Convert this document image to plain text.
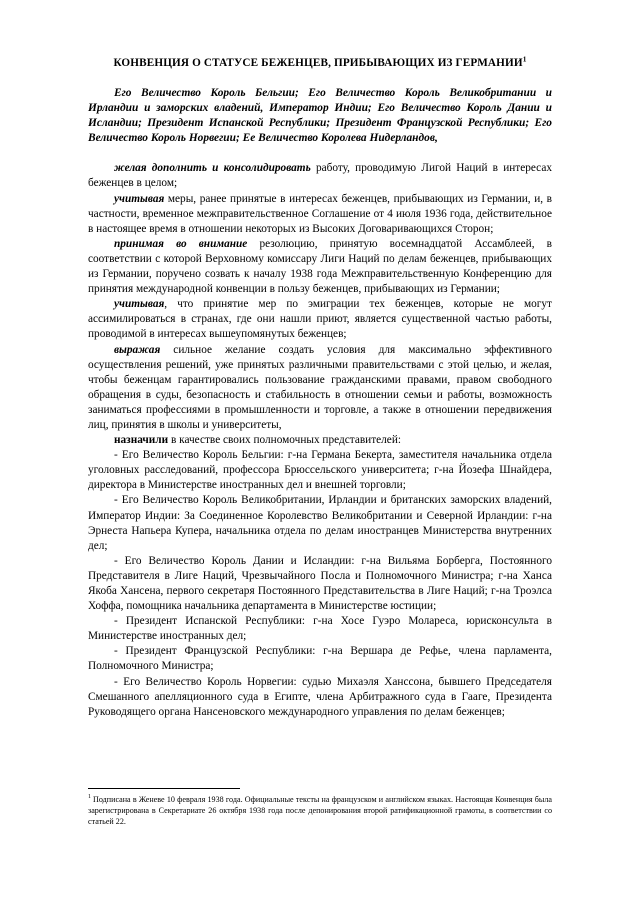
КОНВЕНЦИЯ О СТАТУСЕ БЕЖЕНЦЕВ, ПРИБЫВАЮЩИХ ИЗ ГЕРМАНИИ$^1$

Его Величество Король Бельгии; Его Величество Король Великобритании и Ирландии и заморских владений, Император Индии; Его Величество Король Дании и Исландии; Президент Испанской Республики; Президент Французской Республики; Его Величество Король Норвегии; Ее Величество Королева Нидерландов,

желая дополнить и консолидировать работу, проводимую Лигой Наций в интересах беженцев в целом;

учитывая меры, ранее принятые в интересах беженцев, прибывающих из Германии, и, в частности, временное межправительственное Соглашение от 4 июля 1936 года, действительное в настоящее время в отношении некоторых из Высоких Договаривающихся Сторон;

принимая во внимание резолюцию, принятую восемнадцатой Ассамблеей, в соответствии с которой Верховному комиссару Лиги Наций по делам беженцев, прибывающих из Германии, поручено созвать к началу 1938 года Межправительственную Конференцию для принятия международной конвенции в пользу беженцев, прибывающих из Германии;

учитывая, что принятие мер по эмиграции тех беженцев, которые не могут ассимилироваться в странах, где они нашли приют, является существенной частью работы, проводимой в интересах вышеупомянутых беженцев;

выражая сильное желание создать условия для максимально эффективного осуществления решений, уже принятых различными правительствами с этой целью, и желая, чтобы беженцам гарантировались пользование гражданскими правами, правом свободного обращения в суды, безопасность и стабильность в отношении семьи и работы, возможность заниматься профессиями в промышленности и торговле, а также в отношении передвижения лиц, принятия в школы и университеты,

назначили в качестве своих полномочных представителей:

- Его Величество Король Бельгии: г-на Германа Бекерта, заместителя начальника отдела уголовных расследований, профессора Брюссельского университета; г-на Йозефа Шнайдера, директора в Министерстве иностранных дел и внешней торговли;

- Его Величество Король Великобритании, Ирландии и британских заморских владений, Император Индии: За Соединенное Королевство Великобритании и Северной Ирландии: г-на Эрнеста Напьера Купера, начальника отдела по делам иностранцев Министерства внутренних дел;

- Его Величество Король Дании и Исландии: г-на Вильяма Борберга, Постоянного Представителя в Лиге Наций, Чрезвычайного Посла и Полномочного Министра; г-на Ханса Якоба Хансена, первого секретаря Постоянного Представительства в Лиге Наций; г-на Троэлса Хоффа, помощника начальника департамента в Министерстве юстиции;

- Президент Испанской Республики: г-на Хосе Гуэро Молареса, юрисконсульта в Министерстве иностранных дел;

- Президент Французской Республики: г-на Вершара де Рефье, члена парламента, Полномочного Министра;

- Его Величество Король Норвегии: судью Михаэля Ханссона, бывшего Председателя Смешанного апелляционного суда в Египте, члена Арбитражного суда в Гааге, Президента Руководящего органа Нансеновского международного управления по делам беженцев;

$^1$ Подписана в Женеве 10 февраля 1938 года. Официальные тексты на французском и английском языках. Настоящая Конвенция была зарегистрирована в Секретариате 26 октября 1938 года после депонирования второй ратификационной грамоты, в соответствии со статьей 22.
